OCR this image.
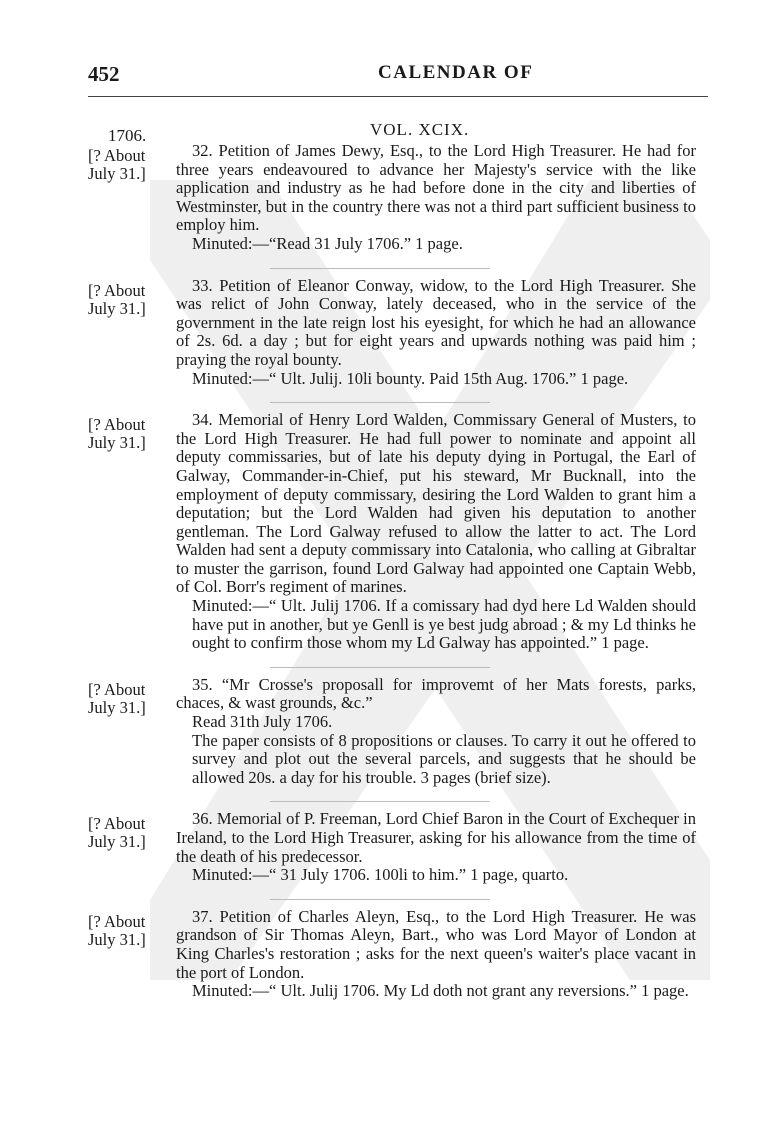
452	CALENDAR OF
1706.	VOL. XCIX.
[? About
July 31.]

32. Petition of James Dewy, Esq., to the Lord High Treasurer. He had for three years endeavoured to advance her Majesty's service with the like application and industry as he had before done in the city and liberties of Westminster, but in the country there was not a third part sufficient business to employ him.

Minuted:—“Read 31 July 1706.” 1 page.

[? About
July 31.]

33. Petition of Eleanor Conway, widow, to the Lord High Treasurer. She was relict of John Conway, lately deceased, who in the service of the government in the late reign lost his eyesight, for which he had an allowance of 2s. 6d. a day ; but for eight years and upwards nothing was paid him ; praying the royal bounty.

Minuted:—“ Ult. Julij. 10li bounty. Paid 15th Aug. 1706.” 1 page.

[? About
July 31.]

34. Memorial of Henry Lord Walden, Commissary General of Musters, to the Lord High Treasurer. He had full power to nominate and appoint all deputy commissaries, but of late his deputy dying in Portugal, the Earl of Galway, Commander-in-Chief, put his steward, Mr Bucknall, into the employment of deputy commissary, desiring the Lord Walden to grant him a deputation; but the Lord Walden had given his deputation to another gentleman. The Lord Galway refused to allow the latter to act. The Lord Walden had sent a deputy commissary into Catalonia, who calling at Gibraltar to muster the garrison, found Lord Galway had appointed one Captain Webb, of Col. Borr's regiment of marines.

Minuted:—“ Ult. Julij 1706. If a comissary had dyd here Ld Walden should have put in another, but ye Genll is ye best judg abroad ; & my Ld thinks he ought to confirm those whom my Ld Galway has appointed.” 1 page.

[? About
July 31.]

35. “Mr Crosse's proposall for improvemt of her Mats forests, parks, chaces, & wast grounds, &c.”

Read 31th July 1706.

The paper consists of 8 propositions or clauses. To carry it out he offered to survey and plot out the several parcels, and suggests that he should be allowed 20s. a day for his trouble. 3 pages (brief size).

[? About
July 31.]

36. Memorial of P. Freeman, Lord Chief Baron in the Court of Exchequer in Ireland, to the Lord High Treasurer, asking for his allowance from the time of the death of his predecessor.

Minuted:—“ 31 July 1706. 100li to him.” 1 page, quarto.

[? About
July 31.]

37. Petition of Charles Aleyn, Esq., to the Lord High Treasurer. He was grandson of Sir Thomas Aleyn, Bart., who was Lord Mayor of London at King Charles's restoration ; asks for the next queen's waiter's place vacant in the port of London.

Minuted:—“ Ult. Julij 1706. My Ld doth not grant any reversions.” 1 page.
